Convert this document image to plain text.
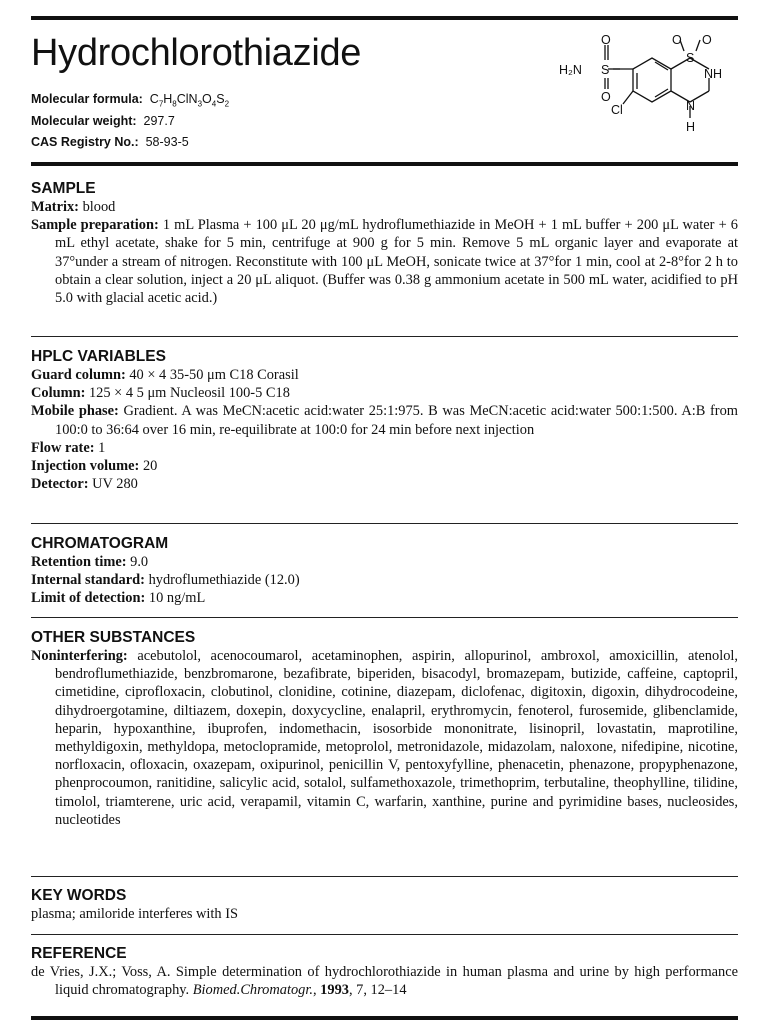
Hydrochlorothiazide
Molecular formula: $C_7H_8ClN_3O_4S_2$
Molecular weight: 297.7
CAS Registry No.: 58-93-5
O
S
O
H₂N
O O
S
NH
N
H
Cl
SAMPLE

Matrix: blood

Sample preparation: 1 mL Plasma + 100 μL 20 μg/mL hydroflumethiazide in MeOH + 1 mL buffer + 200 μL water + 6 mL ethyl acetate, shake for 5 min, centrifuge at 900 g for 5 min. Remove 5 mL organic layer and evaporate at 37°under a stream of nitrogen. Reconstitute with 100 μL MeOH, sonicate twice at 37°for 1 min, cool at 2-8°for 2 h to obtain a clear solution, inject a 20 μL aliquot. (Buffer was 0.38 g ammonium acetate in 500 mL water, acidified to pH 5.0 with glacial acetic acid.)

HPLC VARIABLES

Guard column: 40 × 4 35-50 μm C18 Corasil

Column: 125 × 4 5 μm Nucleosil 100-5 C18

Mobile phase: Gradient. A was MeCN:acetic acid:water 25:1:975. B was MeCN:acetic acid:water 500:1:500. A:B from 100:0 to 36:64 over 16 min, re-equilibrate at 100:0 for 24 min before next injection

Flow rate: 1

Injection volume: 20

Detector: UV 280

CHROMATOGRAM

Retention time: 9.0

Internal standard: hydroflumethiazide (12.0)

Limit of detection: 10 ng/mL

OTHER SUBSTANCES

Noninterfering: acebutolol, acenocoumarol, acetaminophen, aspirin, allopurinol, ambroxol, amoxicillin, atenolol, bendroflumethiazide, benzbromarone, bezafibrate, biperiden, bisacodyl, bromazepam, butizide, caffeine, captopril, cimetidine, ciprofloxacin, clobutinol, clonidine, cotinine, diazepam, diclofenac, digitoxin, digoxin, dihydrocodeine, dihydroergotamine, diltiazem, doxepin, doxycycline, enalapril, erythromycin, fenoterol, furosemide, glibenclamide, heparin, hypoxanthine, ibuprofen, indomethacin, isosorbide mononitrate, lisinopril, lovastatin, maprotiline, methyldigoxin, methyldopa, metoclopramide, metoprolol, metronidazole, midazolam, naloxone, nifedipine, nicotine, norfloxacin, ofloxacin, oxazepam, oxipurinol, penicillin V, pentoxyfylline, phenacetin, phenazone, propyphenazone, phenprocoumon, ranitidine, salicylic acid, sotalol, sulfamethoxazole, trimethoprim, terbutaline, theophylline, tilidine, timolol, triamterene, uric acid, verapamil, vitamin C, warfarin, xanthine, purine and pyrimidine bases, nucleosides, nucleotides

KEY WORDS

plasma; amiloride interferes with IS

REFERENCE

de Vries, J.X.; Voss, A. Simple determination of hydrochlorothiazide in human plasma and urine by high performance liquid chromatography. Biomed.Chromatogr., 1993, 7, 12–14
